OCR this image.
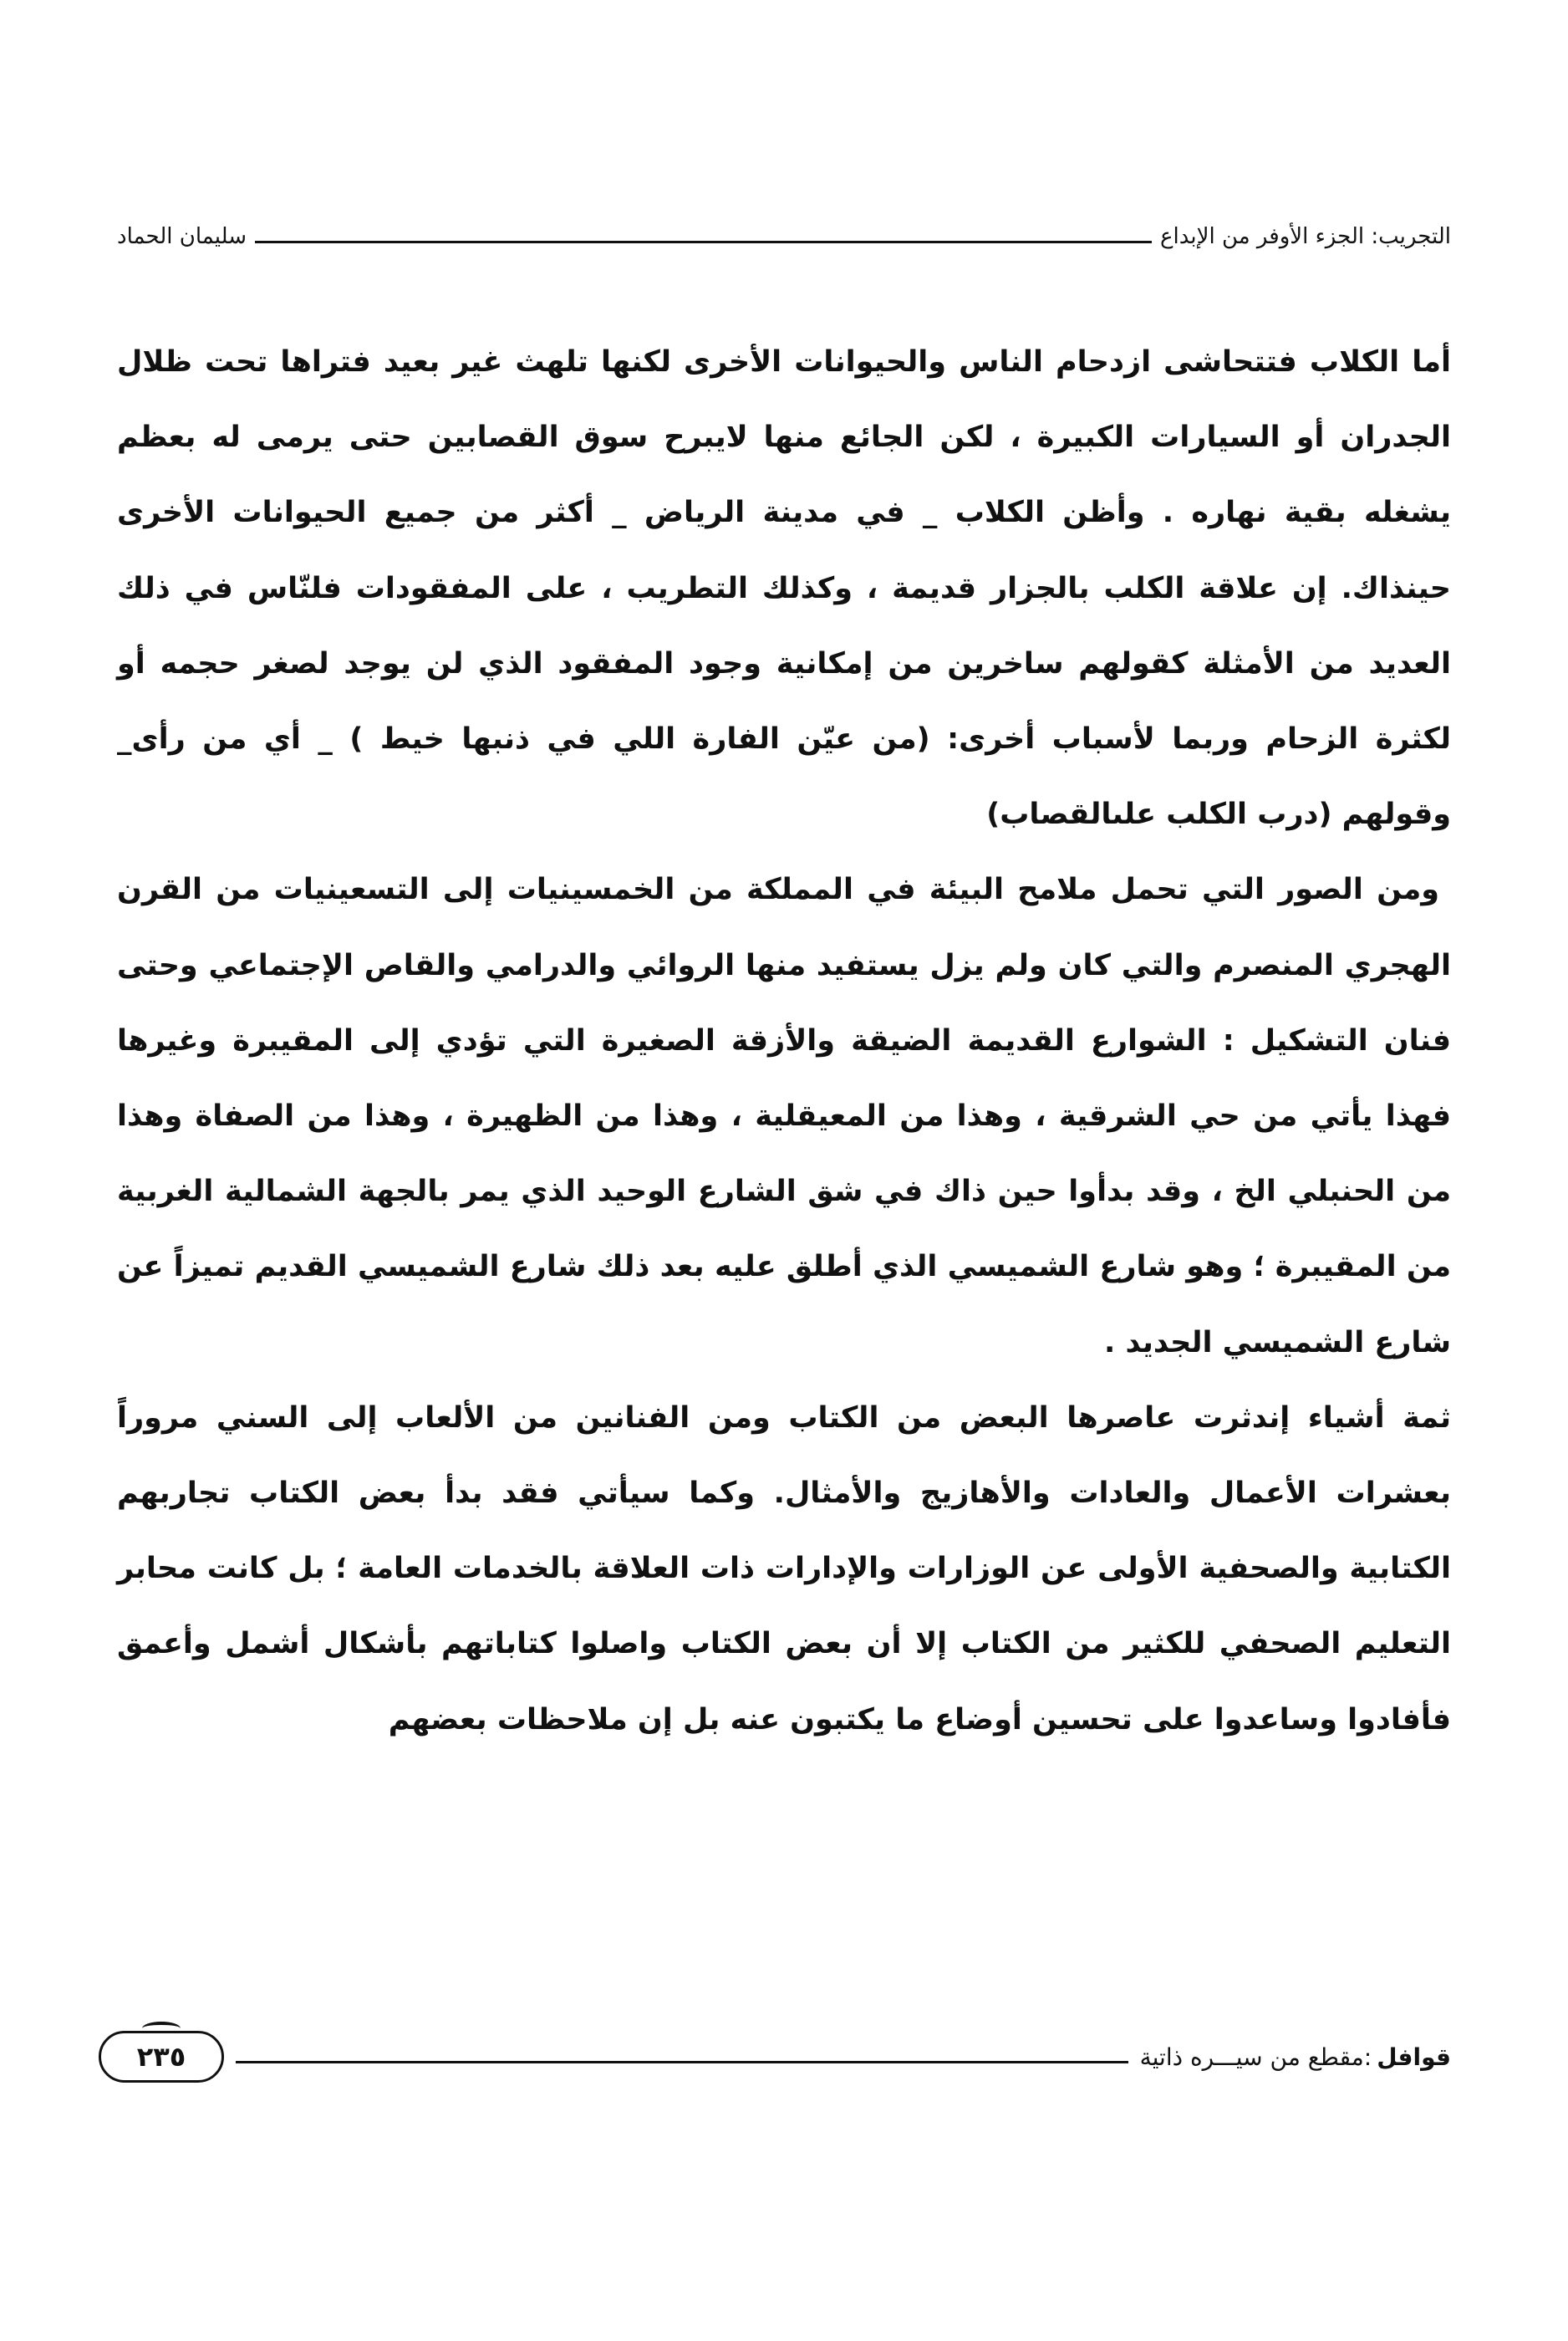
التجريب: الجزء الأوفر من الإبداع
سليمان الحماد

أما الكلاب فتتحاشى ازدحام الناس والحيوانات الأخرى لكنها تلهث غير بعيد فتراها تحت ظلال الجدران أو السيارات الكبيرة ، لكن الجائع منها لايبرح سوق القصابين حتى يرمى له بعظم يشغله بقية نهاره . وأظن الكلاب _ في مدينة الرياض _ أكثر من جميع الحيوانات الأخرى حينذاك. إن علاقة الكلب بالجزار قديمة ، وكذلك التطريب ، على المفقودات فلنّاس في ذلك العديد من الأمثلة كقولهم ساخرين من إمكانية وجود المفقود الذي لن يوجد لصغر حجمه أو لكثرة الزحام وربما لأسباب أخرى: (من عيّن الفارة اللي في ذنبها خيط ) _ أي من رأى_ وقولهم (درب الكلب علىالقصاب)

ومن الصور التي تحمل ملامح البيئة في المملكة من الخمسينيات إلى التسعينيات من القرن الهجري المنصرم والتي كان ولم يزل يستفيد منها الروائي والدرامي والقاص الإجتماعي وحتى فنان التشكيل : الشوارع القديمة الضيقة والأزقة الصغيرة التي تؤدي إلى المقيبرة وغيرها فهذا يأتي من حي الشرقية ، وهذا من المعيقلية ، وهذا من الظهيرة ، وهذا من الصفاة وهذا من الحنبلي الخ ، وقد بدأوا حين ذاك في شق الشارع الوحيد الذي يمر بالجهة الشمالية الغربية من المقيبرة ؛ وهو شارع الشميسي الذي أطلق عليه بعد ذلك شارع الشميسي القديم تميزاً عن شارع الشميسي الجديد .

ثمة أشياء إندثرت عاصرها البعض من الكتاب ومن الفنانين من الألعاب إلى السني مروراً بعشرات الأعمال والعادات والأهازيج والأمثال. وكما سيأتي فقد بدأ بعض الكتاب تجاربهم الكتابية والصحفية الأولى عن الوزارات والإدارات ذات العلاقة بالخدمات العامة ؛ بل كانت محابر التعليم الصحفي للكثير من الكتاب إلا أن بعض الكتاب واصلوا كتاباتهم بأشكال أشمل وأعمق فأفادوا وساعدوا على تحسين أوضاع ما يكتبون عنه بل إن ملاحظات بعضهم

قوافل
:مقطع من سيـــره ذاتية
٢٣٥
